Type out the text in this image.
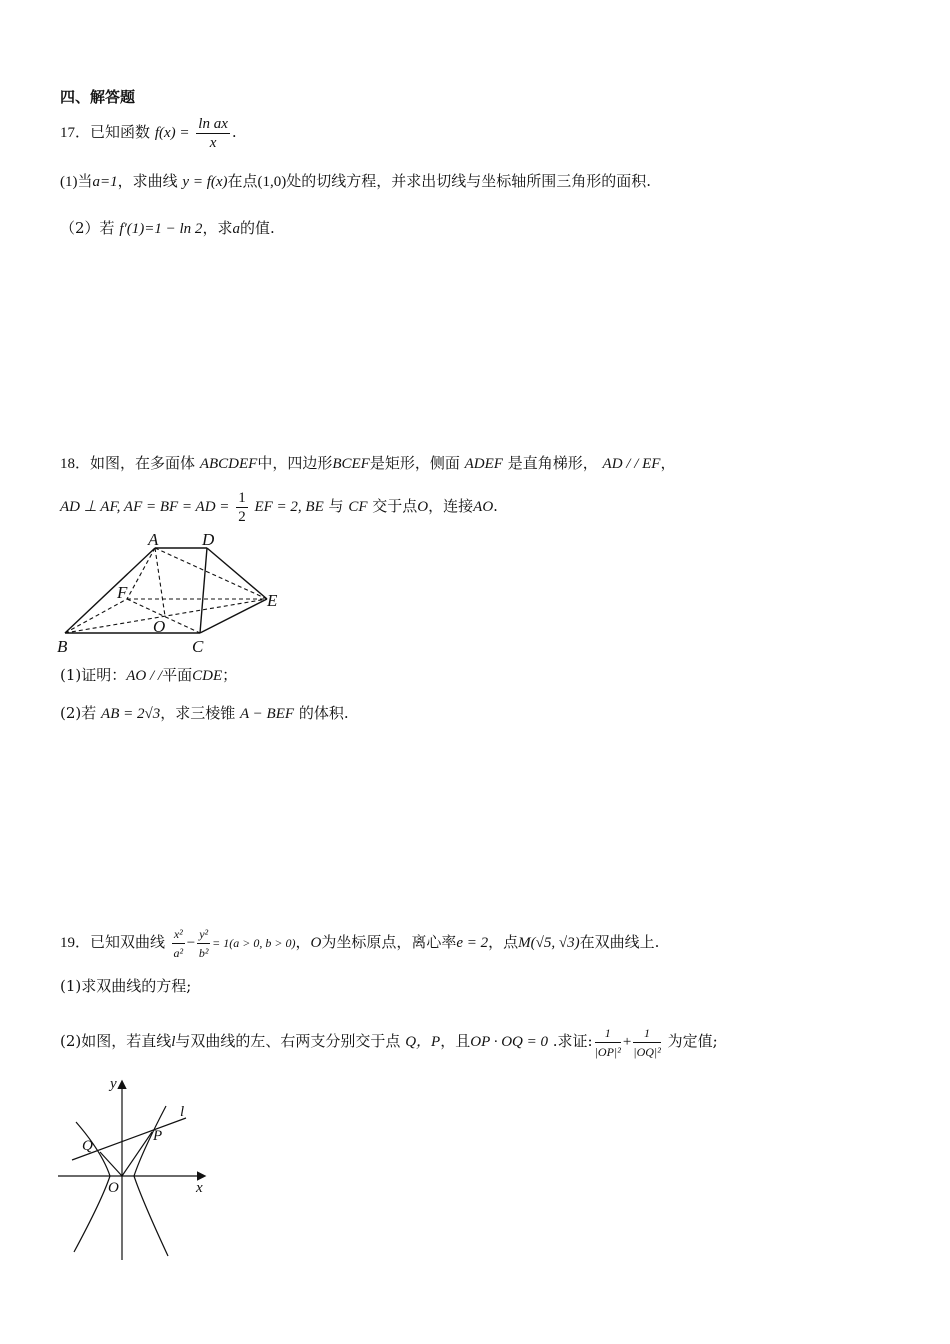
四、解答题
17．已知函数 $f(x) = \frac{\text{ln ax}}{x}$ .
(1)当a=1，求曲线 y = f(x)在点(1,0)处的切线方程，并求出切线与坐标轴所围三角形的面积.
（2）若 f′(1)=1 − ln 2，求a的值.
18．如图，在多面体 ABCDEF中，四边形BCEF是矩形，侧面 ADEF 是直角梯形， AD / / EF，
AD ⊥ AF, AF = BF = AD = $\frac{1}{2}$ EF = 2, BE 与 CF 交于点O，连接AO.
A	D
F	E
O
B	C
(1)证明：AO / /平面CDE；
(2)若 AB = 2√3，求三棱锥 A − BEF 的体积.
19．已知双曲线 $\frac{\text{x²}}{\text{a²}} - \frac{\text{y²}}{\text{b²}} = 1(a > 0$, b > 0)，O为坐标原点，离心率e = 2，点M(√5, √3)在双曲线上.
(1)求双曲线的方程;
(2)如图，若直线l与双曲线的左、右两支分别交于点 Q，P，且OP · OQ = 0 .求证: $\frac{1}{\text{|OP|²}} + \frac{1}{\text{|OQ|²}}$ 为定值;
y
l
Q
P
O	x
